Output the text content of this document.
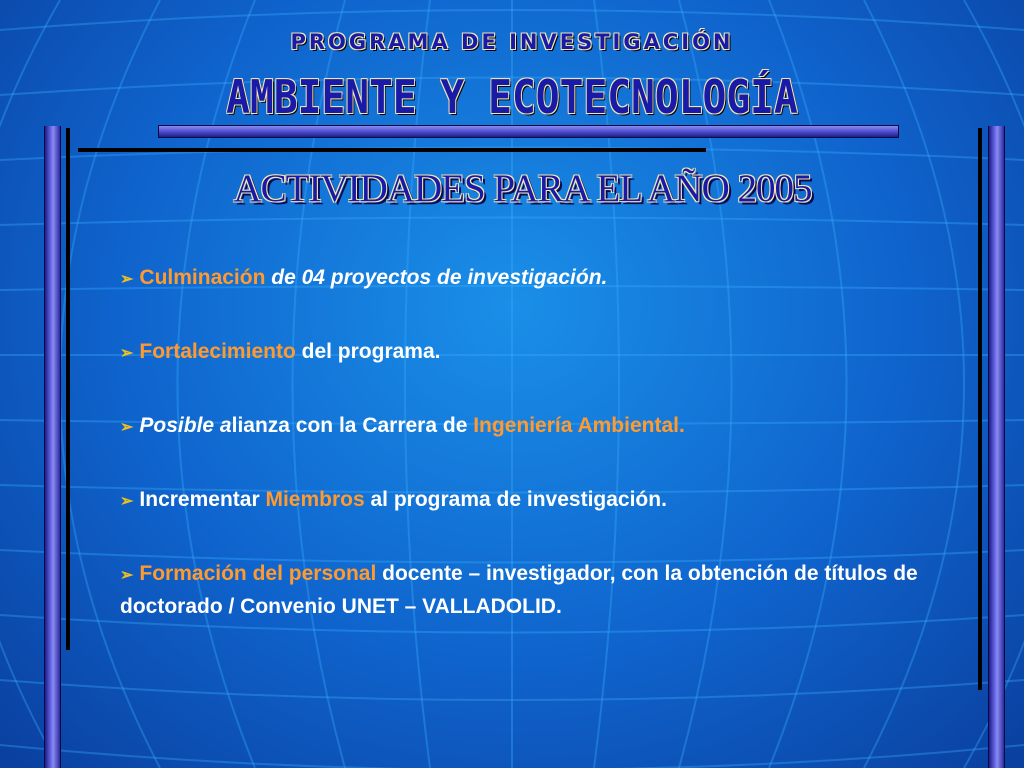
PROGRAMA DE INVESTIGACIÓN
AMBIENTE Y ECOTECNOLOGÍA
ACTIVIDADES PARA EL AÑO 2005
➢ Culminación de 04 proyectos de investigación.
➢ Fortalecimiento del programa.
➢ Posible alianza con la Carrera de Ingeniería Ambiental.
➢ Incrementar Miembros al programa de investigación.
➢ Formación del personal docente – investigador, con la obtención de títulos de doctorado / Convenio UNET – VALLADOLID.
